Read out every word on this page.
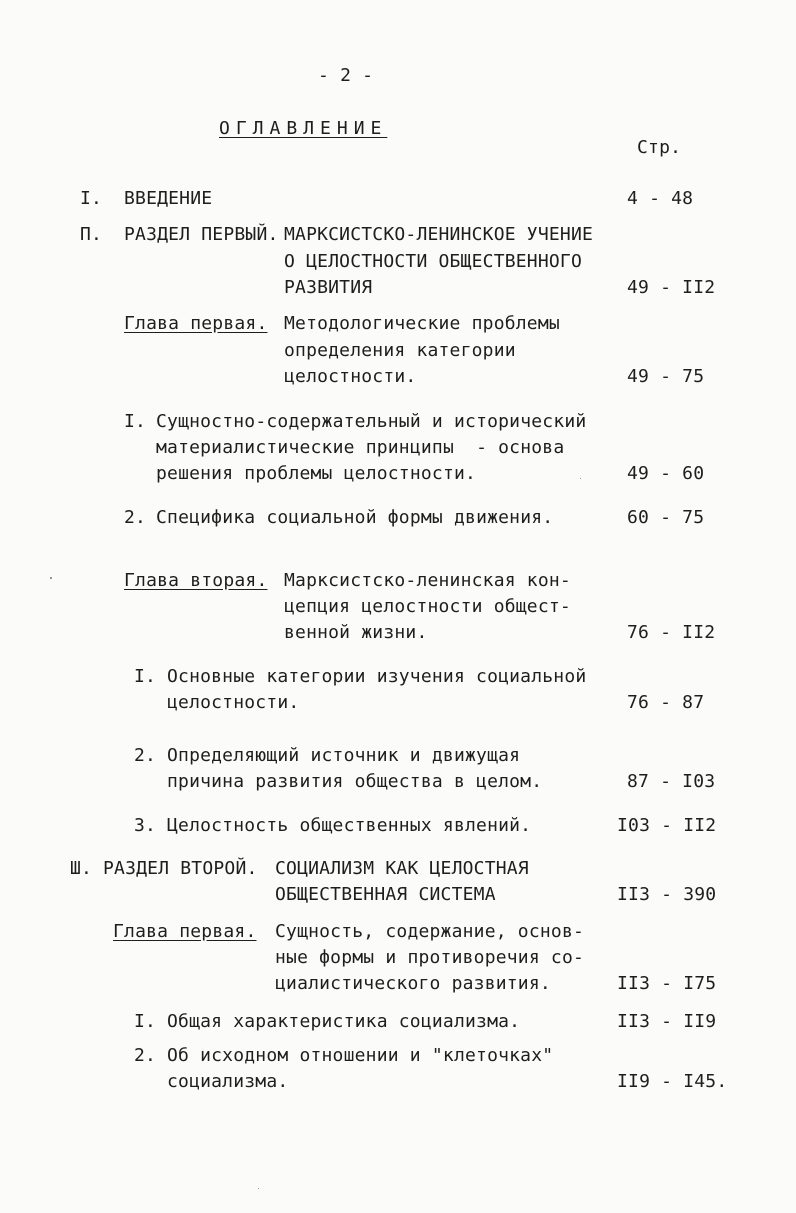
- 2 -
ОГЛАВЛЕНИЕ
Стр.
I. ВВЕДЕНИЕ	4 - 48
П. РАЗДЕЛ ПЕРВЫЙ. МАРКСИСТСКО-ЛЕНИНСКОЕ УЧЕНИЕ
О ЦЕЛОСТНОСТИ ОБЩЕСТВЕННОГО
РАЗВИТИЯ	49 - II2
Глава первая. Методологические проблемы
определения категории
целостности.	49 - 75
I. Сущностно-содержательный и исторический
материалистические принципы  - основа
решения проблемы целостности.	49 - 60
2. Специфика социальной формы движения.	60 - 75
Глава вторая. Марксистско-ленинская кон-
цепция целостности общест-
венной жизни.	76 - II2
I. Основные категории изучения социальной
целостности.	76 - 87
2. Определяющий источник и движущая
причина развития общества в целом.	87 - I03
3. Целостность общественных явлений.	I03 - II2
Ш. РАЗДЕЛ ВТОРОЙ. СОЦИАЛИЗМ КАК ЦЕЛОСТНАЯ
ОБЩЕСТВЕННАЯ СИСТЕМА	II3 - 390
Глава первая. Сущность, содержание, основ-
ные формы и противоречия со-
циалистического развития.	II3 - I75
I. Общая характеристика социализма.	II3 - II9
2. Об исходном отношении и "клеточках"
социализма.	II9 - I45.
